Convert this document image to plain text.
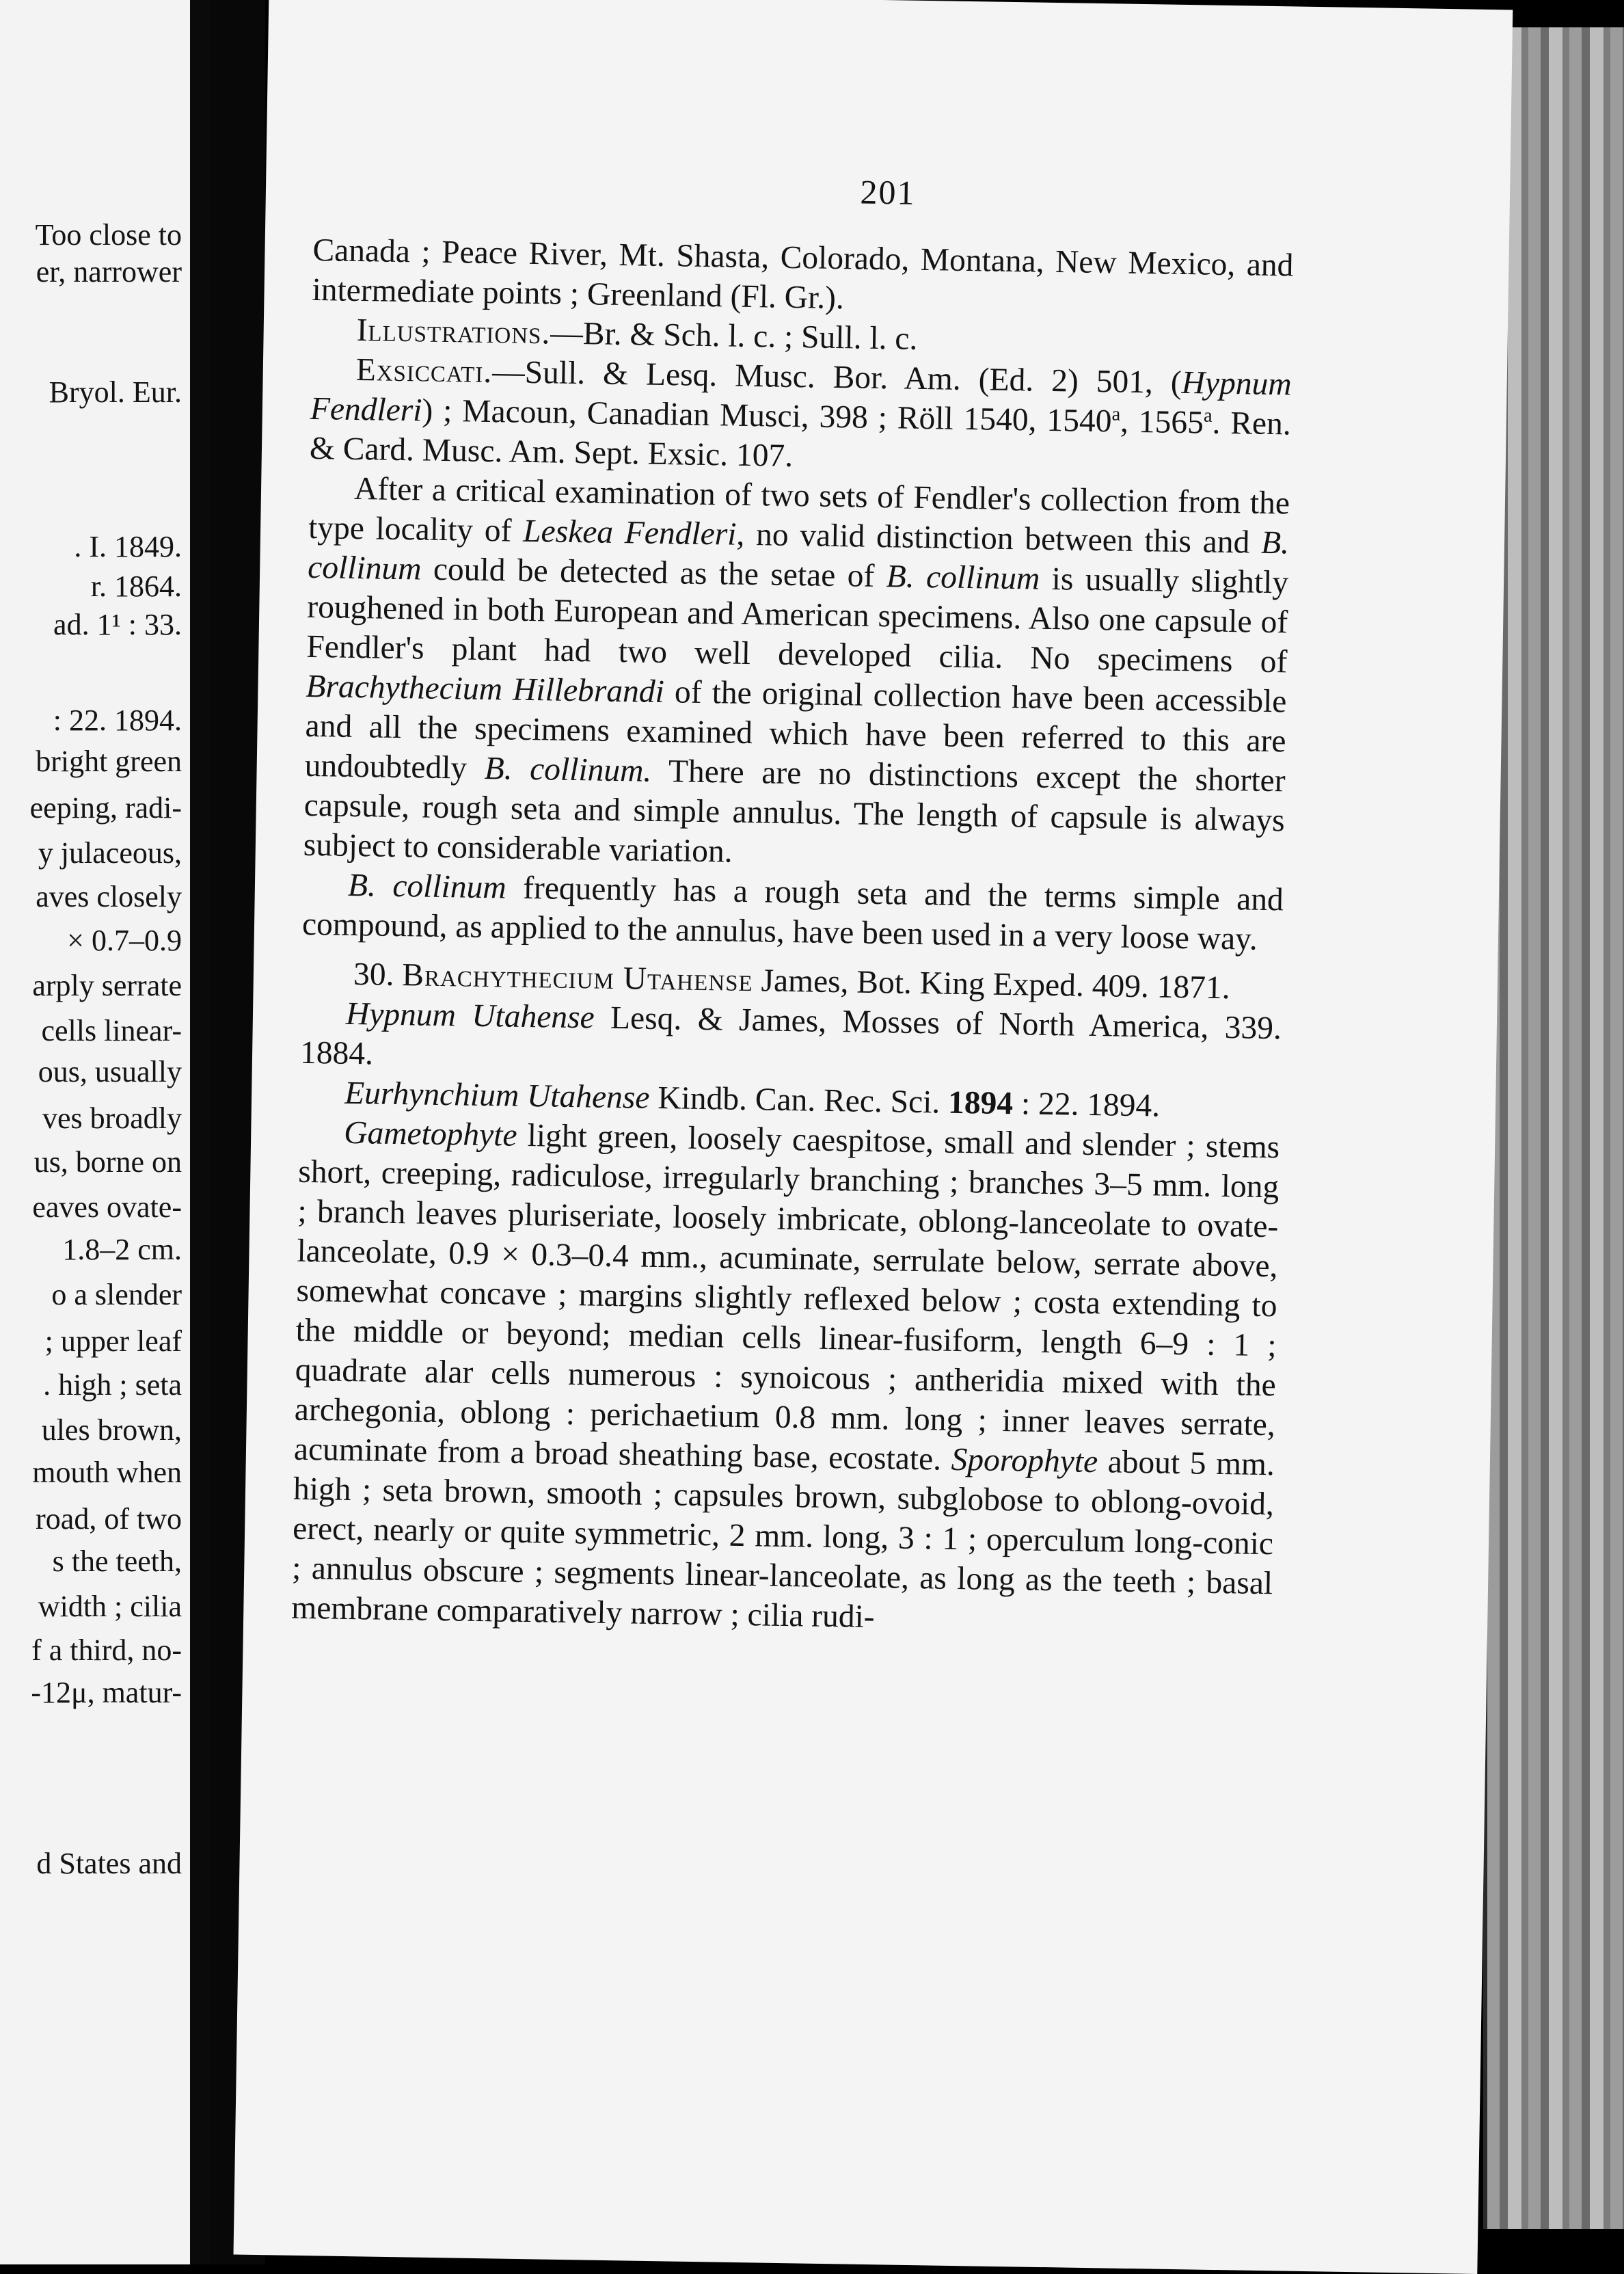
Too close to
er, narrower
Bryol. Eur.
. I. 1849.
r. 1864.
ad. 1¹ : 33.
: 22. 1894.
bright green
eeping, radi-
y julaceous,
aves closely
× 0.7–0.9
arply serrate
cells linear-
ous, usually
ves broadly
us, borne on
eaves ovate-
1.8–2 cm.
o a slender
; upper leaf
. high ; seta
ules brown,
mouth when
road, of two
s the teeth,
width ; cilia
f a third, no-
-12μ, matur-
d States and
201

Canada ; Peace River, Mt. Shasta, Colorado, Montana, New Mexico, and intermediate points ; Greenland (Fl. Gr.).

Illustrations.—Br. & Sch. l. c. ; Sull. l. c.

Exsiccati.—Sull. & Lesq. Musc. Bor. Am. (Ed. 2) 501, (Hypnum Fendleri) ; Macoun, Canadian Musci, 398 ; Röll 1540, 1540$^a$, 1565$^a$. Ren. & Card. Musc. Am. Sept. Exsic. 107.

After a critical examination of two sets of Fendler's collection from the type locality of Leskea Fendleri, no valid distinction between this and B. collinum could be detected as the setae of B. collinum is usually slightly roughened in both European and American specimens. Also one capsule of Fendler's plant had two well developed cilia. No specimens of Brachythecium Hillebrandi of the original collection have been accessible and all the specimens examined which have been referred to this are undoubtedly B. collinum. There are no distinctions except the shorter capsule, rough seta and simple annulus. The length of capsule is always subject to considerable variation.

B. collinum frequently has a rough seta and the terms simple and compound, as applied to the annulus, have been used in a very loose way.

30. Brachythecium Utahense James, Bot. King Exped. 409. 1871.

Hypnum Utahense Lesq. & James, Mosses of North America, 339. 1884.

Eurhynchium Utahense Kindb. Can. Rec. Sci. 1894 : 22. 1894.

Gametophyte light green, loosely caespitose, small and slender ; stems short, creeping, radiculose, irregularly branching ; branches 3–5 mm. long ; branch leaves pluriseriate, loosely imbricate, oblong-lanceolate to ovate-lanceolate, 0.9 × 0.3–0.4 mm., acuminate, serrulate below, serrate above, somewhat concave ; margins slightly reflexed below ; costa extending to the middle or beyond; median cells linear-fusiform, length 6–9 : 1 ; quadrate alar cells numerous : synoicous ; antheridia mixed with the archegonia, oblong : perichaetium 0.8 mm. long ; inner leaves serrate, acuminate from a broad sheathing base, ecostate. Sporophyte about 5 mm. high ; seta brown, smooth ; capsules brown, subglobose to oblong-ovoid, erect, nearly or quite symmetric, 2 mm. long, 3 : 1 ; operculum long-conic ; annulus obscure ; segments linear-lanceolate, as long as the teeth ; basal membrane comparatively narrow ; cilia rudi-
